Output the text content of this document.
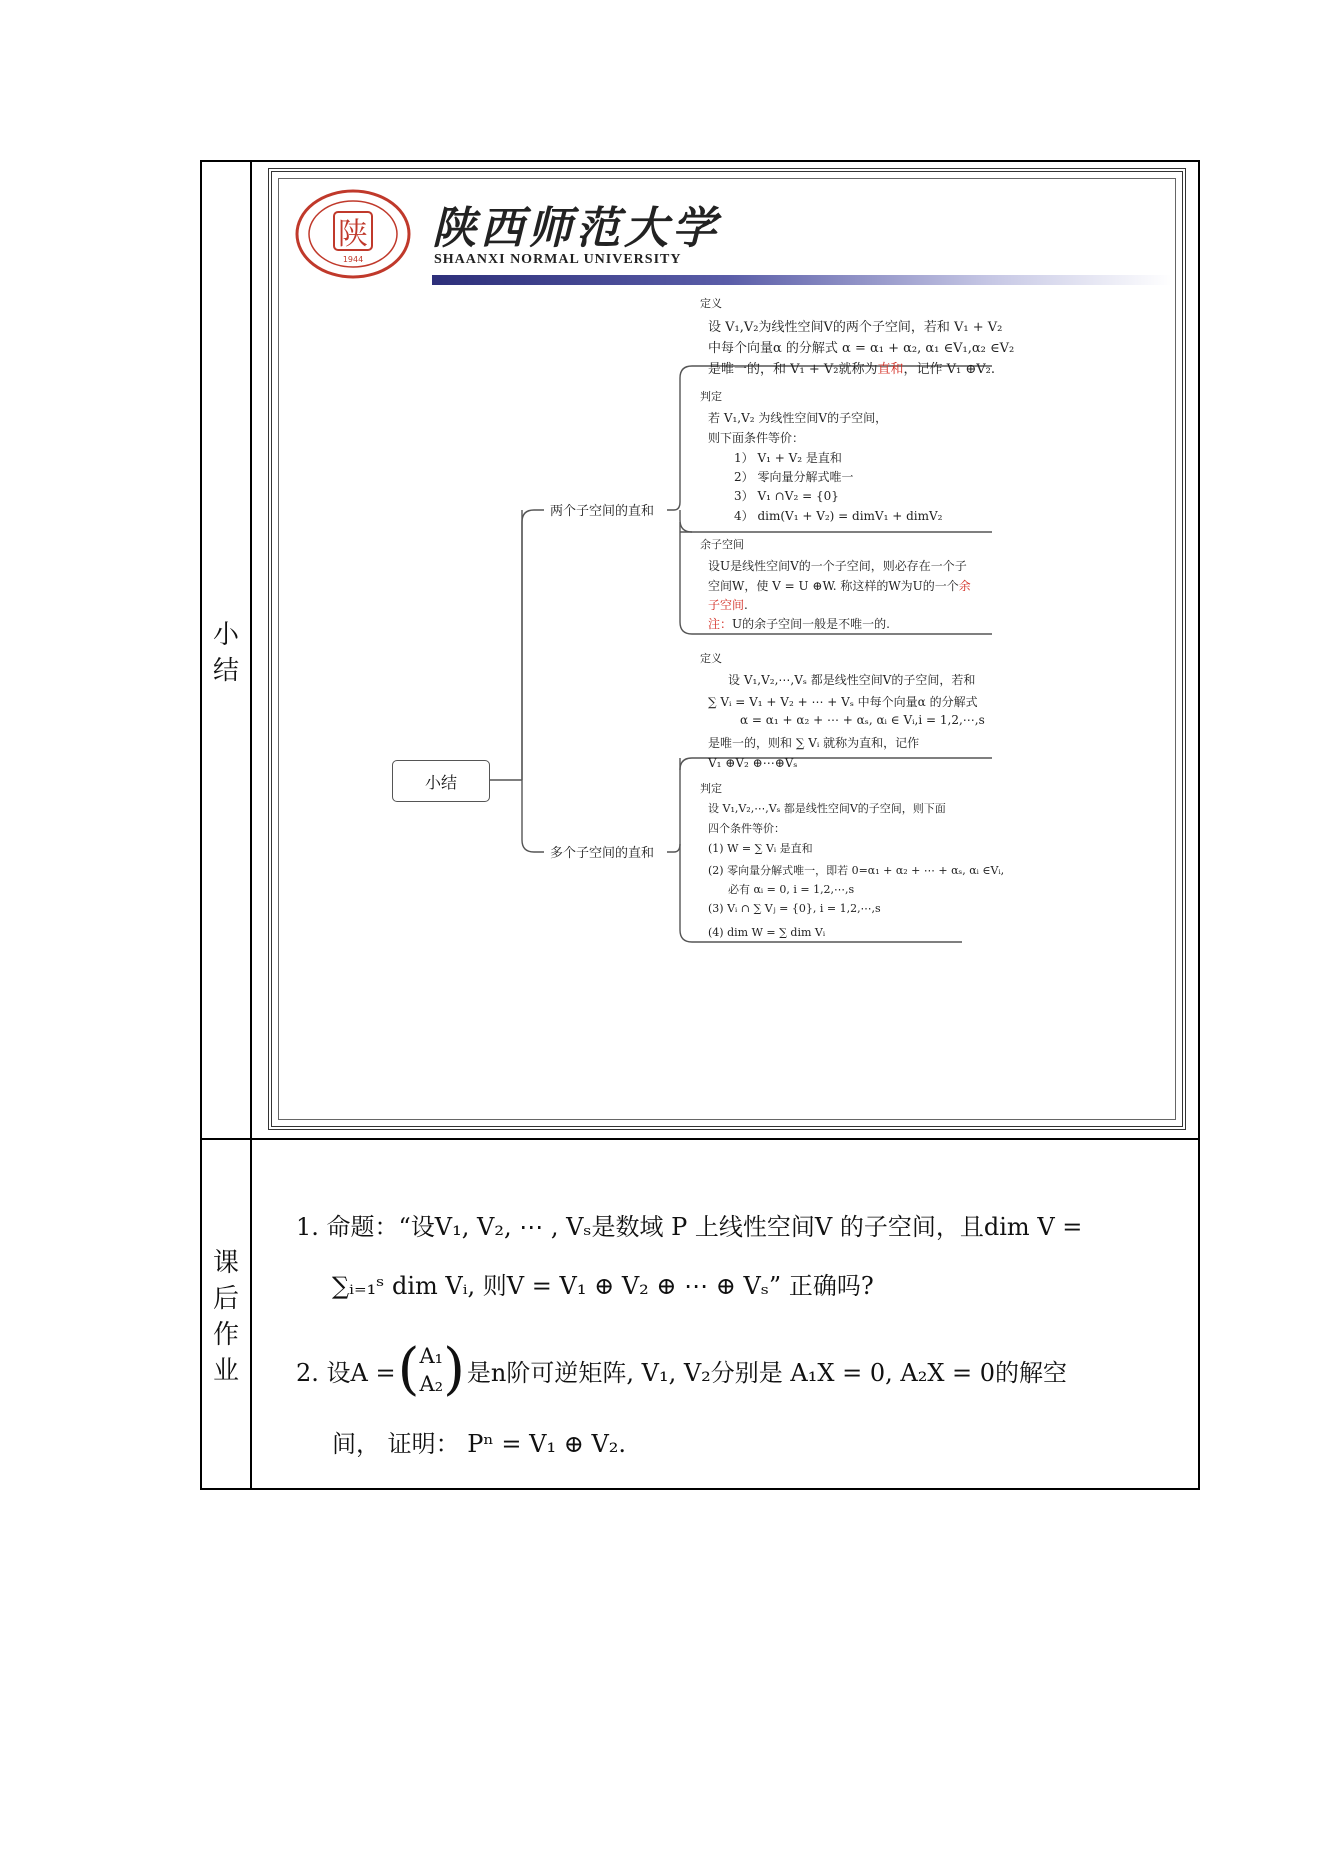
小
结
课
后
作
业
陕
1944
陕西师范大学
SHAANXI NORMAL UNIVERSITY
小结
两个子空间的直和
多个子空间的直和
定义
设 V₁,V₂为线性空间V的两个子空间，若和 V₁ + V₂
中每个向量α 的分解式 α = α₁ + α₂, α₁ ∈V₁,α₂ ∈V₂
是唯一的，和 V₁ + V₂就称为直和，记作 V₁ ⊕V₂.
判定
若 V₁,V₂ 为线性空间V的子空间，
则下面条件等价：
1） V₁ + V₂ 是直和
2） 零向量分解式唯一
3） V₁ ∩V₂ = {0}
4） dim(V₁ + V₂) = dimV₁ + dimV₂
余子空间
设U是线性空间V的一个子空间，则必存在一个子
空间W，使 V = U ⊕W. 称这样的W为U的一个余
子空间.
注：U的余子空间一般是不唯一的.
定义
设 V₁,V₂,⋯,Vₛ 都是线性空间V的子空间，若和
∑ Vᵢ = V₁ + V₂ + ⋯ + Vₛ 中每个向量α 的分解式
α = α₁ + α₂ + ⋯ + αₛ, αᵢ ∈ Vᵢ,i = 1,2,⋯,s
是唯一的，则和 ∑ Vᵢ 就称为直和，记作
V₁ ⊕V₂ ⊕⋯⊕Vₛ
判定
设 V₁,V₂,⋯,Vₛ 都是线性空间V的子空间，则下面
四个条件等价：
(1) W = ∑ Vᵢ 是直和
(2) 零向量分解式唯一，即若 0=α₁ + α₂ + ⋯ + αₛ, αᵢ ∈Vᵢ,
必有 αᵢ = 0, i = 1,2,⋯,s
(3) Vᵢ ∩ ∑ Vⱼ = {0}, i = 1,2,⋯,s
(4) dim W = ∑ dim Vᵢ
1. 命题：“设V₁, V₂, ⋯ , Vₛ是数域 P 上线性空间V 的子空间，且dim V =
∑ᵢ₌₁ˢ dim Vᵢ, 则V = V₁ ⊕ V₂ ⊕ ⋯ ⊕ Vₛ” 正确吗?
2. 设A = ( A₁
A₂ ) 是n阶可逆矩阵, V₁, V₂分别是 A₁X = 0, A₂X = 0的解空
间， 证明： Pⁿ = V₁ ⊕ V₂.
